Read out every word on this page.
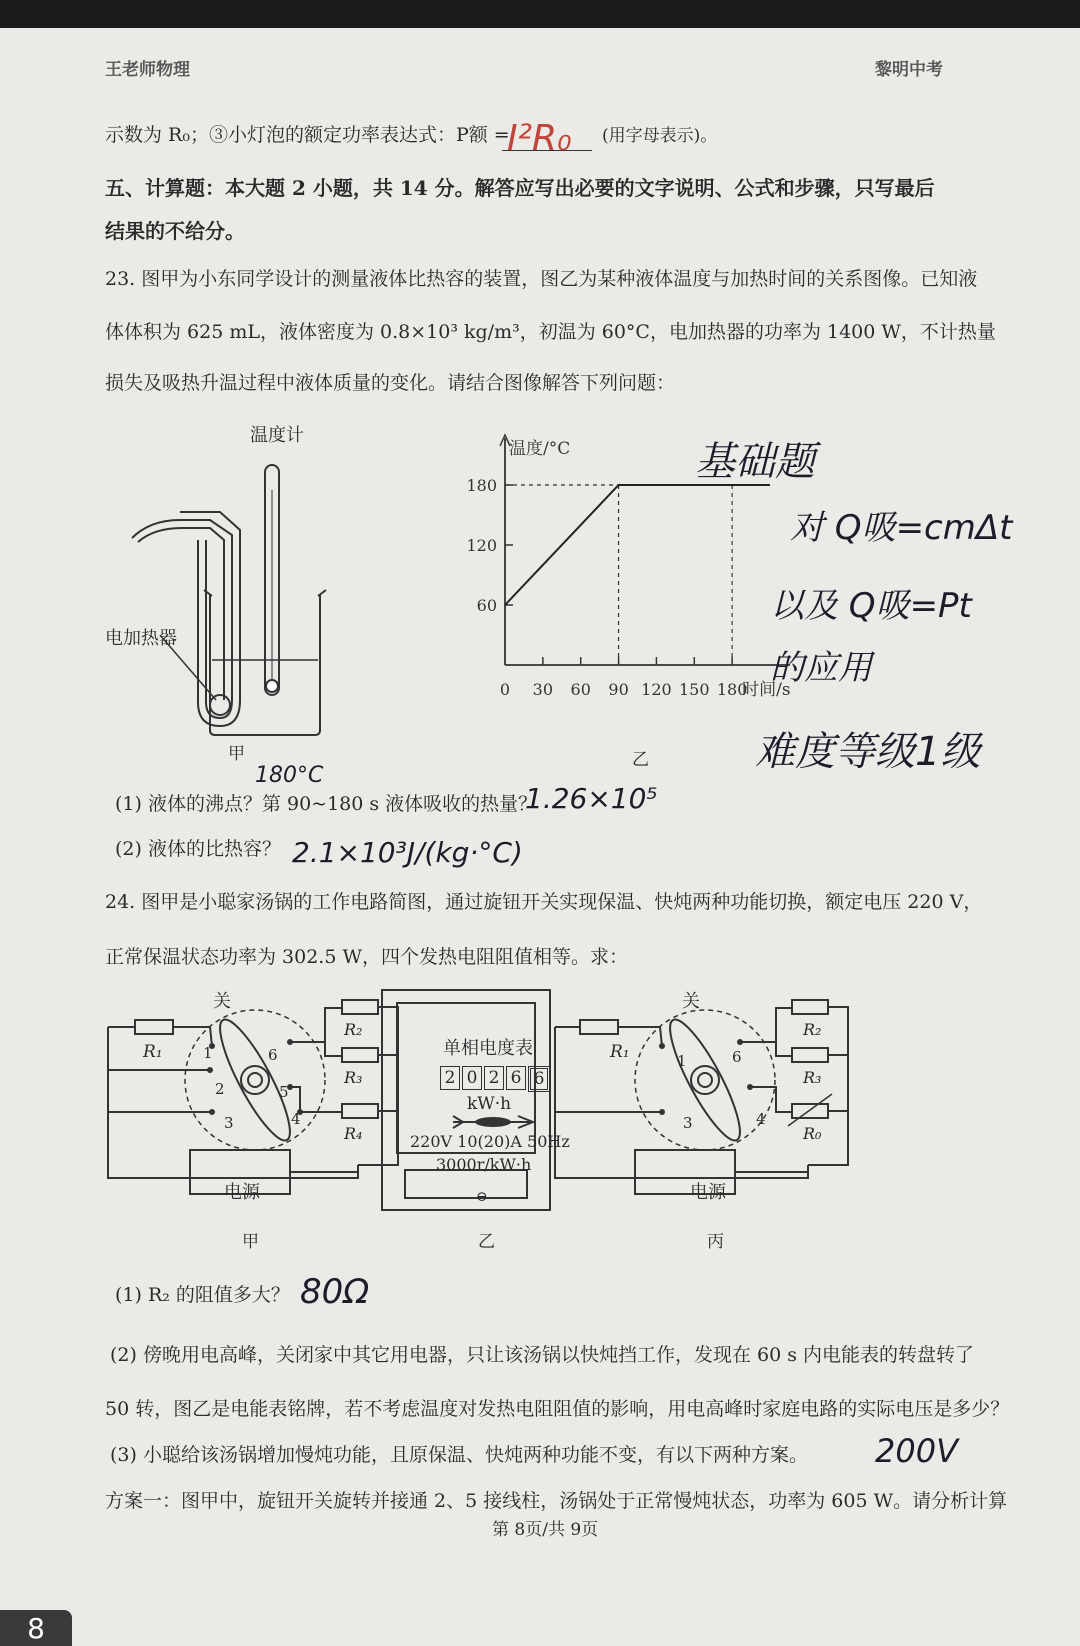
王老师物理	黎明中考
示数为 R₀；③小灯泡的额定功率表达式：P额 =	(用字母表示)。
五、计算题：本大题 2 小题，共 14 分。解答应写出必要的文字说明、公式和步骤，只写最后
结果的不给分。
23. 图甲为小东同学设计的测量液体比热容的装置，图乙为某种液体温度与加热时间的关系图像。已知液
体体积为 625 mL，液体密度为 0.8×10³ kg/m³，初温为 60°C，电加热器的功率为 1400 W，不计热量
损失及吸热升温过程中液体质量的变化。请结合图像解答下列问题：
温度计
电加热器
甲
温度/°C
时间/s
0 30 60 90 120 150 180
60
120
180
乙
(1) 液体的沸点？第 90~180 s 液体吸收的热量？
(2) 液体的比热容？
24. 图甲是小聪家汤锅的工作电路简图，通过旋钮开关实现保温、快炖两种功能切换，额定电压 220 V，
正常保温状态功率为 302.5 W，四个发热电阻阻值相等。求：
关
R₁
R₂
R₃
R₄
1
2
3	4
5
6
电源
甲
单相电度表
2 0 2 6 6
kW·h
220V 10(20)A 50Hz
3000r/kW·h
⊖
乙
关
R₁
R₂
R₃
R₀
1
3	4
6
电源
丙
(1) R₂ 的阻值多大？
(2) 傍晚用电高峰，关闭家中其它用电器，只让该汤锅以快炖挡工作，发现在 60 s 内电能表的转盘转了
50 转，图乙是电能表铭牌，若不考虑温度对发热电阻阻值的影响，用电高峰时家庭电路的实际电压是多少？
(3) 小聪给该汤锅增加慢炖功能，且原保温、快炖两种功能不变，有以下两种方案。
方案一：图甲中，旋钮开关旋转并接通 2、5 接线柱，汤锅处于正常慢炖状态，功率为 605 W。请分析计算
第 8页/共 9页
I²R₀
基础题
对 Q吸=cmΔt
以及 Q吸=Pt
的应用
难度等级1级
180°C
1.26×10⁵
2.1×10³J/(kg·°C)
80Ω
200V
8
